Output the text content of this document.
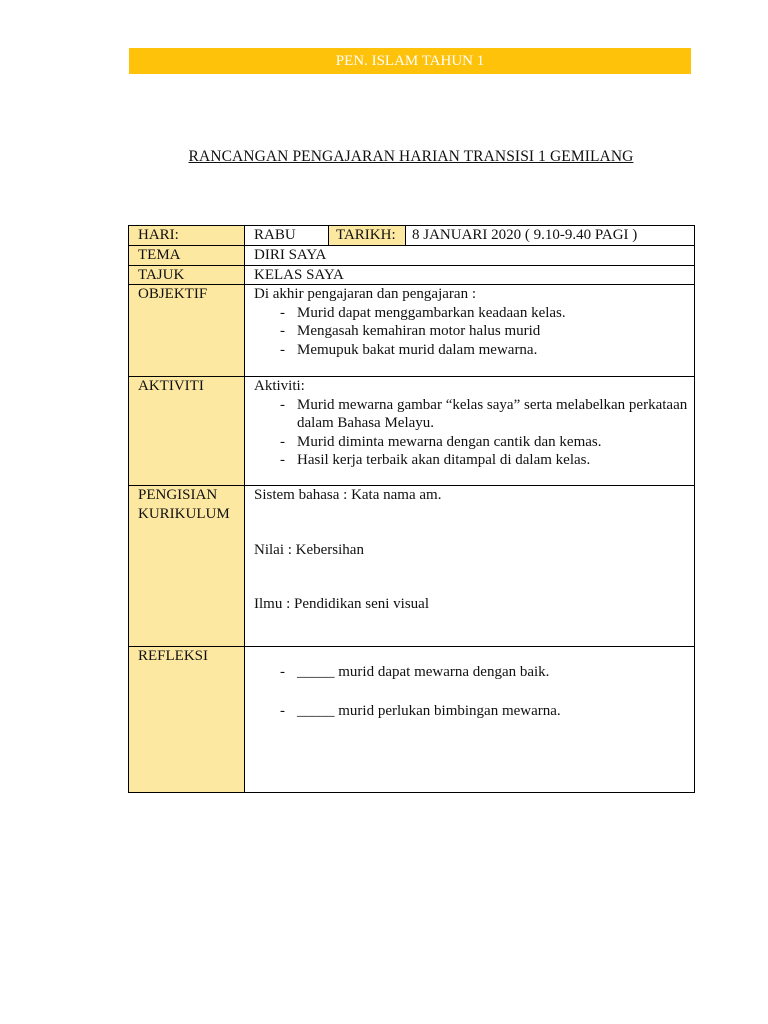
PEN. ISLAM TAHUN 1
RANCANGAN PENGAJARAN HARIAN TRANSISI 1 GEMILANG
HARI:		RABU	TARIKH:	8 JANUARI 2020 ( 9.10-9.40 PAGI )

TEMA	DIRI SAYA
TAJUK	KELAS SAYA
OBJEKTIF	Di akhir pengajaran dan pengajaran :
- Murid dapat menggambarkan keadaan kelas.
- Mengasah kemahiran motor halus murid
- Memupuk bakat murid dalam mewarna.

AKTIVITI	Aktiviti:
- Murid mewarna gambar “kelas saya” serta melabelkan perkataan dalam Bahasa Melayu.
- Murid diminta mewarna dengan cantik dan kemas.
- Hasil kerja terbaik akan ditampal di dalam kelas.

PENGISIAN
KURIKULUM

Sistem bahasa : Kata nama am.

Nilai : Kebersihan

Ilmu : Pendidikan seni visual

REFLEKSI	
- _____ murid dapat mewarna dengan baik.
- _____ murid perlukan bimbingan mewarna.
